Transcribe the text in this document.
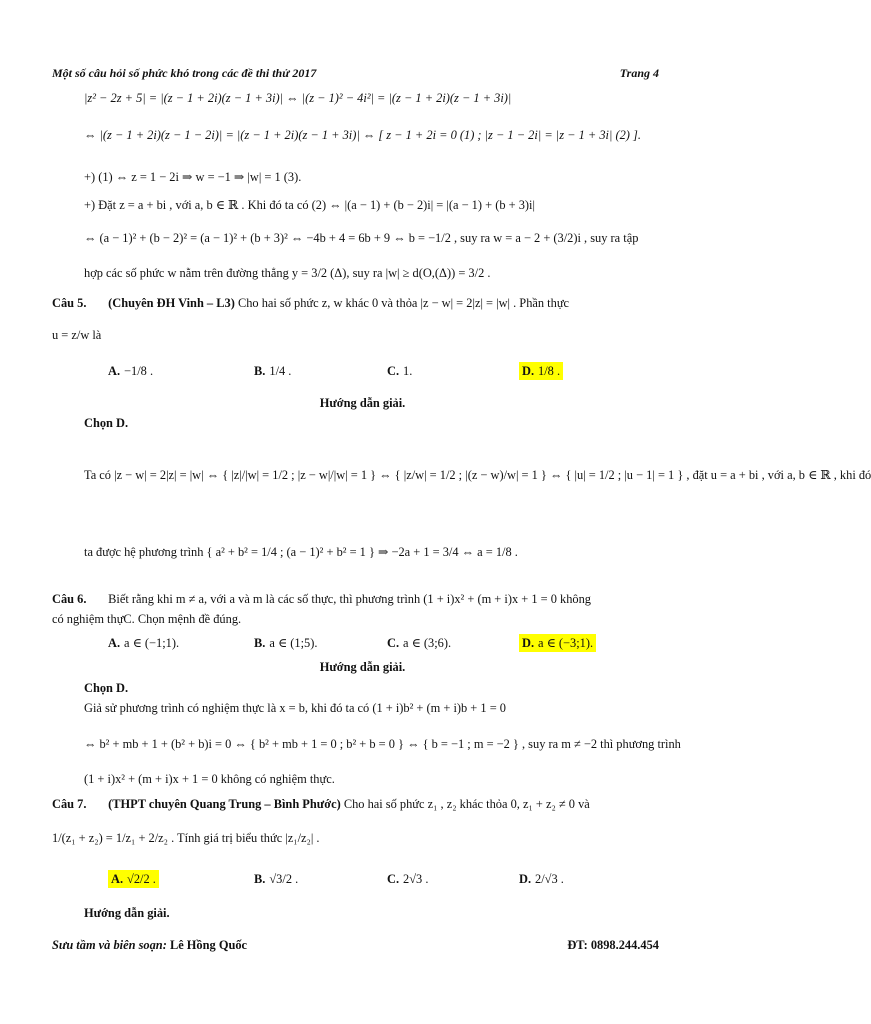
Một số câu hỏi số phức khó trong các đề thi thử 2017	Trang 4
|z² − 2z + 5| = |(z − 1 + 2i)(z − 1 + 3i)| ⇔ |(z − 1)² − 4i²| = |(z − 1 + 2i)(z − 1 + 3i)|
⇔ |(z − 1 + 2i)(z − 1 − 2i)| = |(z − 1 + 2i)(z − 1 + 3i)| ⇔ [ z − 1 + 2i = 0 (1) ; |z − 1 − 2i| = |z − 1 + 3i| (2) ].
+) (1) ⇔ z = 1 − 2i ⇒ w = −1 ⇒ |w| = 1 (3).
+) Đặt z = a + bi , với a, b ∈ ℝ . Khi đó ta có (2) ⇔ |(a − 1) + (b − 2)i| = |(a − 1) + (b + 3)i|
⇔ (a − 1)² + (b − 2)² = (a − 1)² + (b + 3)² ⇔ −4b + 4 = 6b + 9 ⇔ b = −1/2 , suy ra w = a − 2 + (3/2)i , suy ra tập
hợp các số phức w nằm trên đường thẳng y = 3/2 (Δ), suy ra |w| ≥ d(O,(Δ)) = 3/2 .
Câu 5. (Chuyên ĐH Vinh – L3) Cho hai số phức z, w khác 0 và thỏa |z − w| = 2|z| = |w| . Phần thực
u = z/w là
A. −1/8 .	B. 1/4 .	C. 1.	D. 1/8 .
Hướng dẫn giải.
Chọn D.
Ta có |z − w| = 2|z| = |w| ⇔ { |z|/|w| = 1/2 ; |z − w|/|w| = 1 } ⇔ { |z/w| = 1/2 ; |(z − w)/w| = 1 } ⇔ { |u| = 1/2 ; |u − 1| = 1 } , đặt u = a + bi , với a, b ∈ ℝ , khi đó
ta được hệ phương trình { a² + b² = 1/4 ; (a − 1)² + b² = 1 } ⇒ −2a + 1 = 3/4 ⇔ a = 1/8 .
Câu 6. Biết rằng khi m ≠ a, với a và m là các số thực, thì phương trình (1 + i)x² + (m + i)x + 1 = 0 không
có nghiệm thựC. Chọn mệnh đề đúng.
A. a ∈ (−1;1).	B. a ∈ (1;5).	C. a ∈ (3;6).	D. a ∈ (−3;1).
Hướng dẫn giải.
Chọn D.
Giả sử phương trình có nghiệm thực là x = b, khi đó ta có (1 + i)b² + (m + i)b + 1 = 0
⇔ b² + mb + 1 + (b² + b)i = 0 ⇔ { b² + mb + 1 = 0 ; b² + b = 0 } ⇔ { b = −1 ; m = −2 } , suy ra m ≠ −2 thì phương trình
(1 + i)x² + (m + i)x + 1 = 0 không có nghiệm thực.
Câu 7. (THPT chuyên Quang Trung – Bình Phước) Cho hai số phức z₁ , z₂ khác thỏa 0, z₁ + z₂ ≠ 0 và
1/(z₁ + z₂) = 1/z₁ + 2/z₂ . Tính giá trị biểu thức |z₁/z₂| .
A. √2/2 .	B. √3/2 .	C. 2√3 .	D. 2/√3 .
Hướng dẫn giải.
Sưu tầm và biên soạn: Lê Hồng Quốc	ĐT: 0898.244.454
